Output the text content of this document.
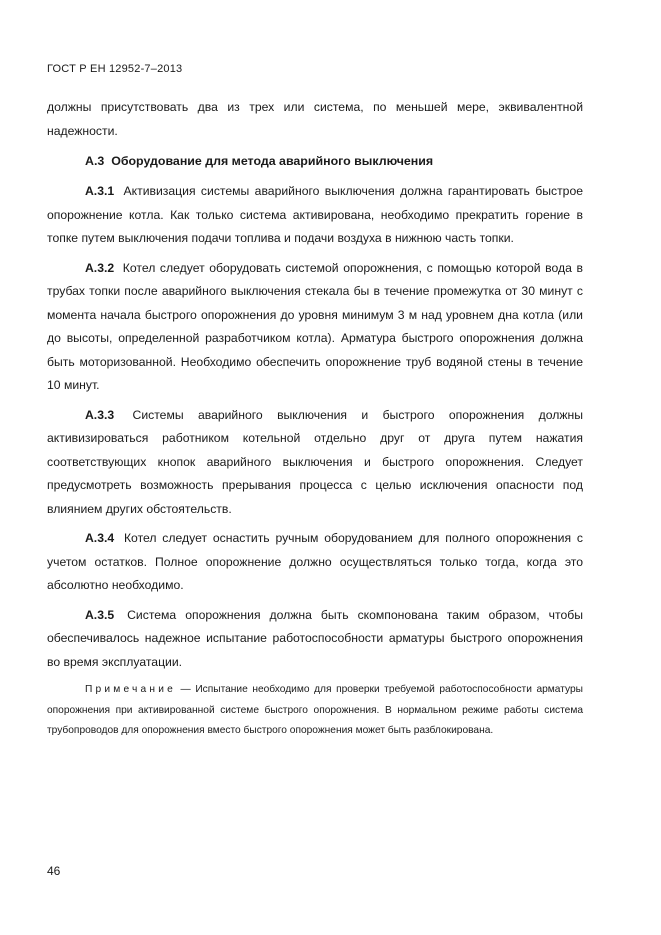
ГОСТ Р ЕН 12952-7–2013

должны присутствовать два из трех или система, по меньшей мере, эквивалентной надежности.

А.3 Оборудование для метода аварийного выключения

А.3.1 Активизация системы аварийного выключения должна гарантировать быстрое опорожнение котла. Как только система активирована, необходимо прекратить горение в топке путем выключения подачи топлива и подачи воздуха в нижнюю часть топки.

А.3.2 Котел следует оборудовать системой опорожнения, с помощью которой вода в трубах топки после аварийного выключения стекала бы в течение промежутка от 30 минут с момента начала быстрого опорожнения до уровня минимум 3 м над уровнем дна котла (или до высоты, определенной разработчиком котла). Арматура быстрого опорожнения должна быть моторизованной. Необходимо обеспечить опорожнение труб водяной стены в течение 10 минут.

А.3.3 Системы аварийного выключения и быстрого опорожнения должны активизироваться работником котельной отдельно друг от друга путем нажатия соответствующих кнопок аварийного выключения и быстрого опорожнения. Следует предусмотреть возможность прерывания процесса с целью исключения опасности под влиянием других обстоятельств.

А.3.4 Котел следует оснастить ручным оборудованием для полного опорожнения с учетом остатков. Полное опорожнение должно осуществляться только тогда, когда это абсолютно необходимо.

А.3.5 Система опорожнения должна быть скомпонована таким образом, чтобы обеспечивалось надежное испытание работоспособности арматуры быстрого опорожнения во время эксплуатации.

Примечание — Испытание необходимо для проверки требуемой работоспособности арматуры опорожнения при активированной системе быстрого опорожнения. В нормальном режиме работы система трубопроводов для опорожнения вместо быстрого опорожнения может быть разблокирована.

46
